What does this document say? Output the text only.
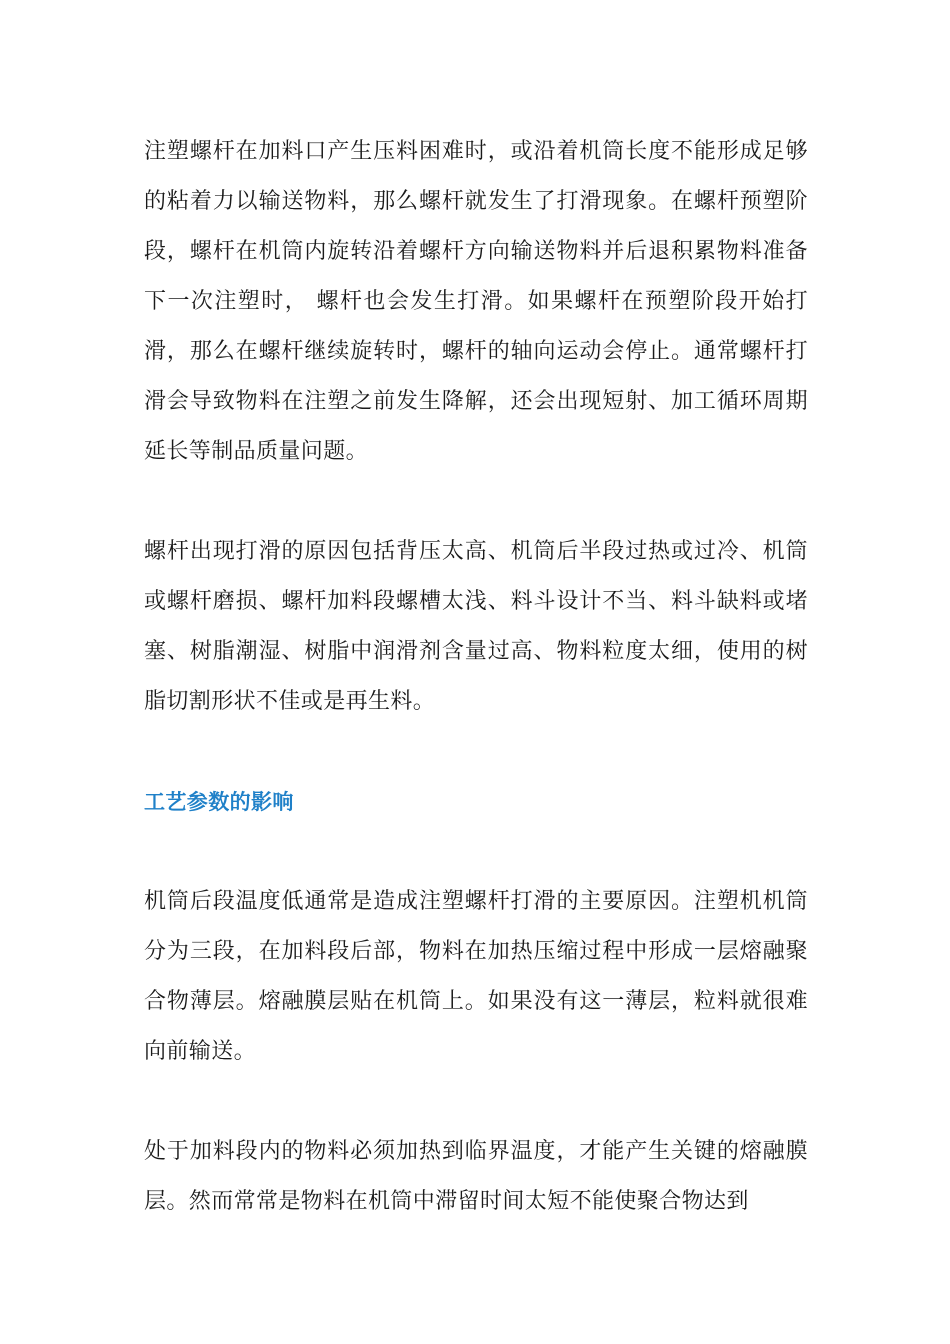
注塑螺杆在加料口产生压料困难时，或沿着机筒长度不能形成足够的粘着力以输送物料，那么螺杆就发生了打滑现象。在螺杆预塑阶段，螺杆在机筒内旋转沿着螺杆方向输送物料并后退积累物料准备下一次注塑时， 螺杆也会发生打滑。如果螺杆在预塑阶段开始打滑，那么在螺杆继续旋转时，螺杆的轴向运动会停止。通常螺杆打滑会导致物料在注塑之前发生降解，还会出现短射、加工循环周期延长等制品质量问题。

螺杆出现打滑的原因包括背压太高、机筒后半段过热或过冷、机筒或螺杆磨损、螺杆加料段螺槽太浅、料斗设计不当、料斗缺料或堵塞、树脂潮湿、树脂中润滑剂含量过高、物料粒度太细，使用的树脂切割形状不佳或是再生料。

工艺参数的影响

机筒后段温度低通常是造成注塑螺杆打滑的主要原因。注塑机机筒分为三段，在加料段后部，物料在加热压缩过程中形成一层熔融聚合物薄层。熔融膜层贴在机筒上。如果没有这一薄层，粒料就很难向前输送。

处于加料段内的物料必须加热到临界温度，才能产生关键的熔融膜层。然而常常是物料在机筒中滞留时间太短不能使聚合物达到
